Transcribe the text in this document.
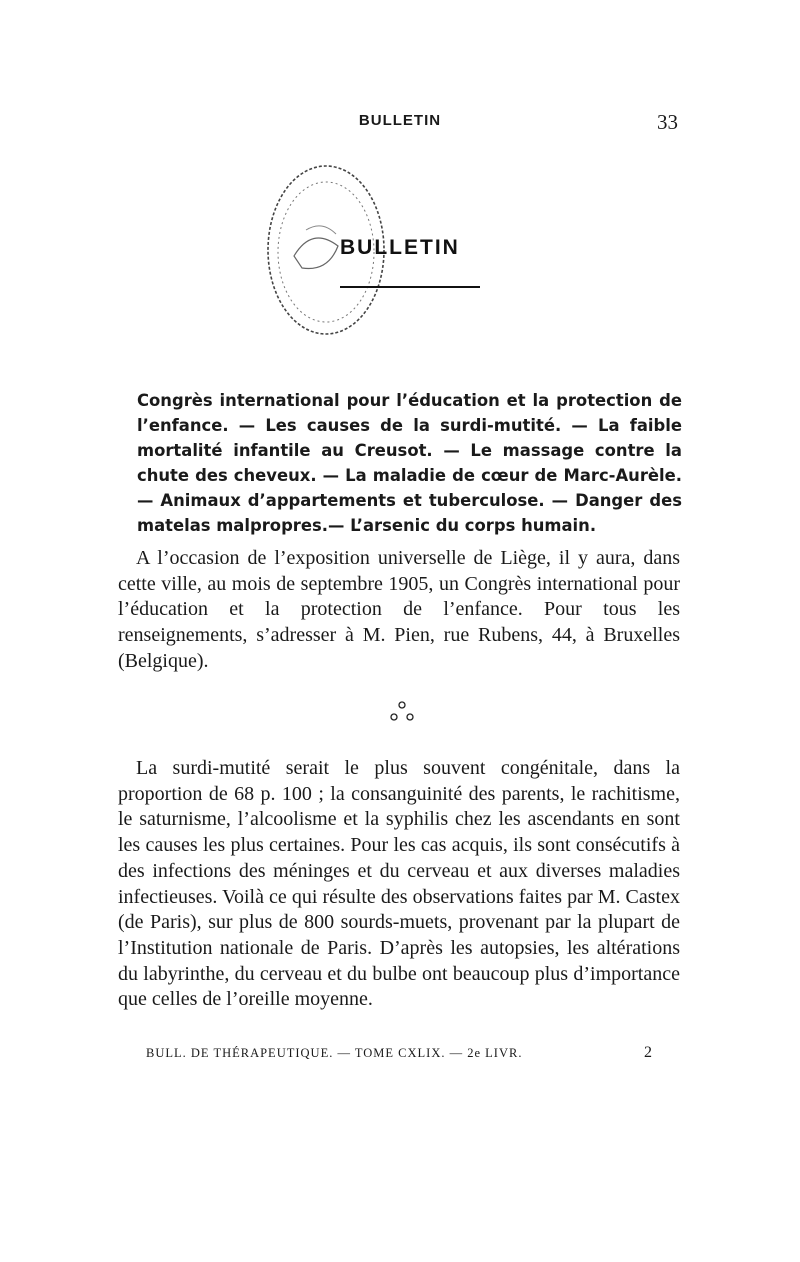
BULLETIN	33
BULLETIN

Congrès international pour l’éducation et la protection de l’enfance. — Les causes de la surdi-mutité. — La faible mortalité infantile au Creusot. — Le massage contre la chute des cheveux. — La maladie de cœur de Marc-Aurèle. — Animaux d’appartements et tuberculose. — Danger des matelas malpropres.— L’arsenic du corps humain.

A l’occasion de l’exposition universelle de Liège, il y aura, dans cette ville, au mois de septembre 1905, un Congrès international pour l’éducation et la protection de l’enfance. Pour tous les renseignements, s’adresser à M. Pien, rue Rubens, 44, à Bruxelles (Belgique).

La surdi-mutité serait le plus souvent congénitale, dans la proportion de 68 p. 100 ; la consanguinité des parents, le rachitisme, le saturnisme, l’alcoolisme et la syphilis chez les ascendants en sont les causes les plus certaines. Pour les cas acquis, ils sont consécutifs à des infections des méninges et du cerveau et aux diverses maladies infectieuses. Voilà ce qui résulte des observations faites par M. Castex (de Paris), sur plus de 800 sourds-muets, provenant par la plupart de l’Institution nationale de Paris. D’après les autopsies, les altérations du labyrinthe, du cerveau et du bulbe ont beaucoup plus d’importance que celles de l’oreille moyenne.

BULL. DE THÉRAPEUTIQUE. — TOME CXLIX. — 2e LIVR.	2
